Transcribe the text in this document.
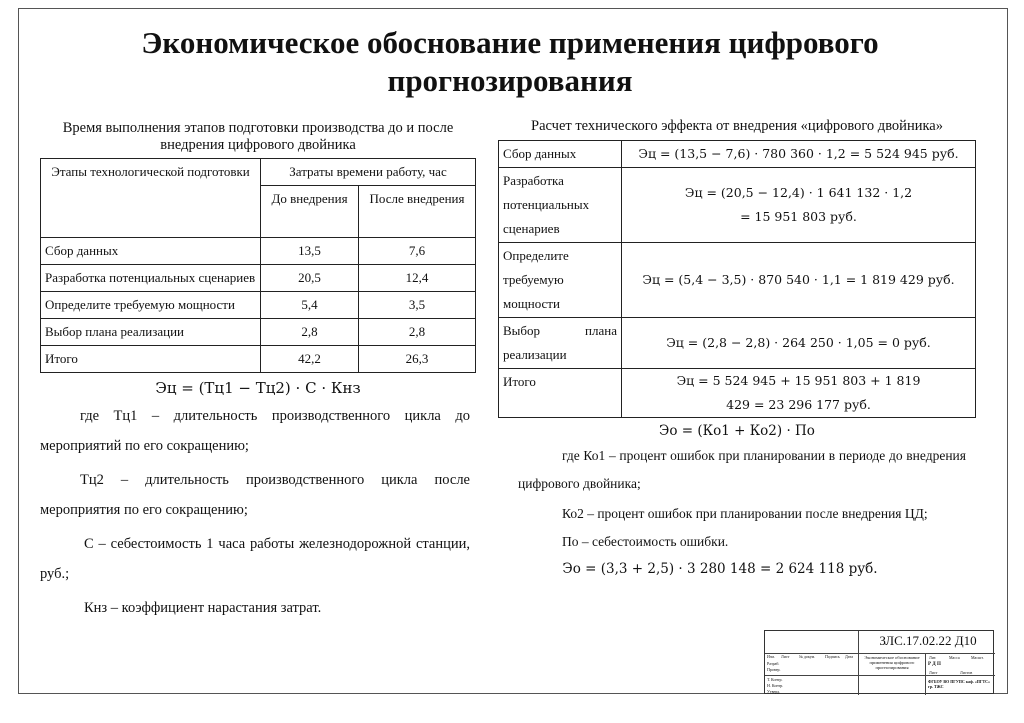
Экономическое обоснование применения цифрового прогнозирования
Время выполнения этапов подготовки производства до и после внедрения цифрового двойника
Этапы технологической подготовки	Затраты времени работу, час	
	До внедрения	После внедрения
Сбор данных	13,5	7,6
Разработка потенциальных сценариев	20,5	12,4
Определите требуемую мощности	5,4	3,5
Выбор плана реализации	2,8	2,8
Итого	42,2	26,3
Эц = (Тц1 − Тц2) · С · Кнз

где Тц1 – длительность производственного цикла до мероприятий по его сокращению;

Тц2 – длительность производственного цикла после мероприятия по его сокращению;

С – себестоимость 1 часа работы железнодорожной станции, руб.;

Кнз – коэффициент нарастания затрат.

Расчет технического эффекта от внедрения «цифрового двойника»
Сбор данных	Эц = (13,5 − 7,6) · 780 360 · 1,2 = 5 524 945 руб.
Разработка потенциальных сценариев	Эц = (20,5 − 12,4) · 1 641 132 · 1,2 = 15 951 803 руб.
Определите требуемую мощности	Эц = (5,4 − 3,5) · 870 540 · 1,1 = 1 819 429 руб.
Выбор плана реализации	Эц = (2,8 − 2,8) · 264 250 · 1,05 = 0 руб.
Итого	Эц = 5 524 945 + 15 951 803 + 1 819 429 = 23 296 177 руб.
Эо = (Ко1 + Ко2) · По

где Ко1 – процент ошибок при планировании в периоде до внедрения цифрового двойника;

Ко2 – процент ошибок при планировании после внедрения ЦД;

По – себестоимость ошибки.

Эо = (3,3 + 2,5) · 3 280 148 = 2 624 118 руб.
ЗЛС.17.02.22 Д10
Экономическое обоснование применения цифрового прогнозирования
Р Д П
ФГБОУ ВО ПГУПС каф. «ПГТС» гр. ТЖС
Изм. Лист № докум. Подпись Дата
Разраб.
Провер.
Т. Контр.
Н. Контр.
Утверд.
Лит.	Масса	Масшт.
Лист	Листов
